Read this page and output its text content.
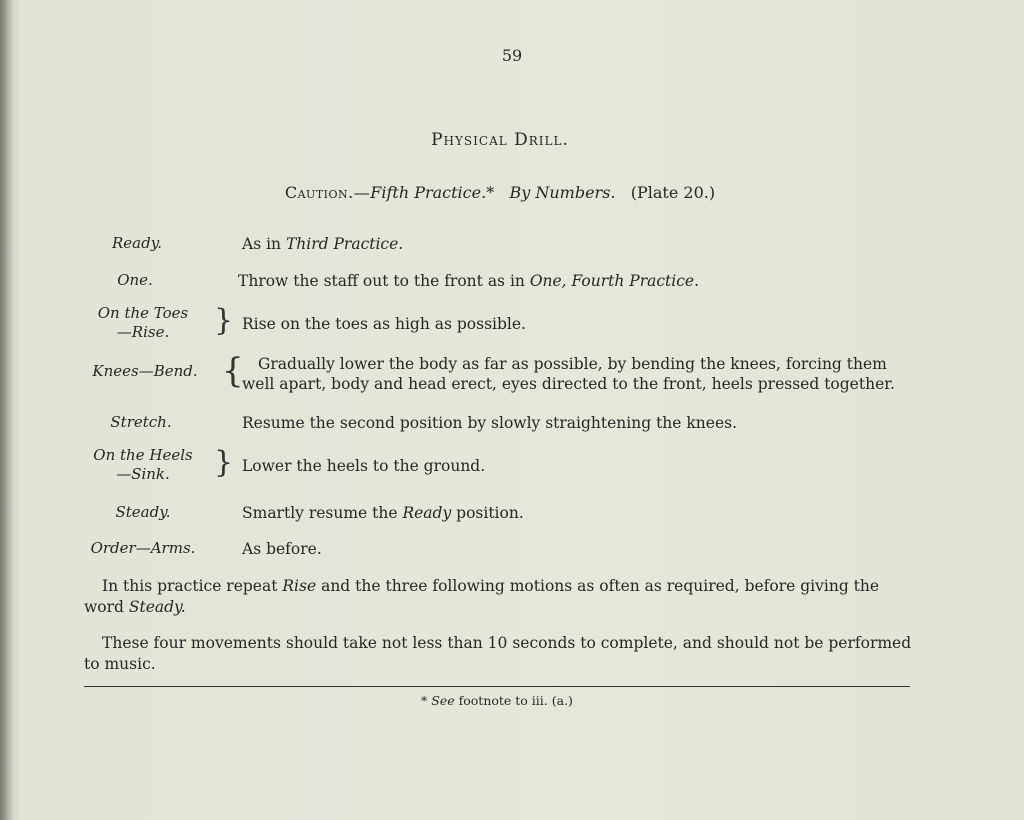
59
Physical Drill.
Caution.—Fifth Practice.* By Numbers. (Plate 20.)
Ready.	As in Third Practice.
One.	Throw the staff out to the front as in One, Fourth Practice.
On the Toes
—Rise.	} Rise on the toes as high as possible.
Knees—Bend. { Gradually lower the body as far as possible, by bending the knees, forcing them
well apart, body and head erect, eyes directed to the front, heels pressed together.
Stretch.	Resume the second position by slowly straightening the knees.
On the Heels
—Sink.	} Lower the heels to the ground.
Steady.	Smartly resume the Ready position.
Order—Arms.	As before.
In this practice repeat Rise and the three following motions as often as required, before giving the word Steady.
These four movements should take not less than 10 seconds to complete, and should not be performed to music.
* See footnote to iii. (a.)
